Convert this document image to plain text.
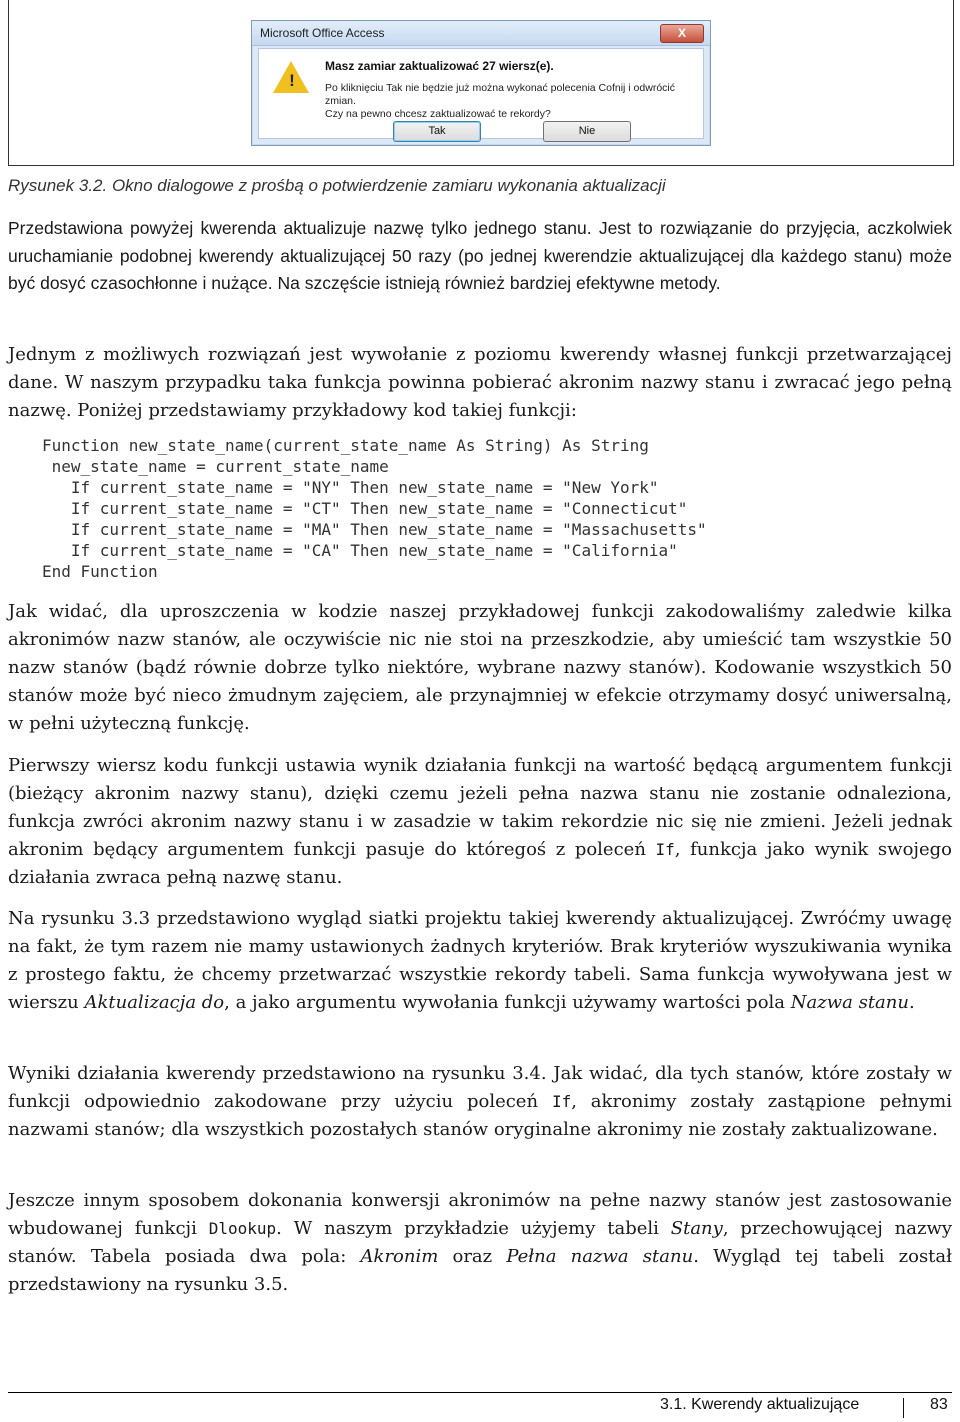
Microsoft Office Access	X
!
Masz zamiar zaktualizować 27 wiersz(e).
Po kliknięciu Tak nie będzie już można wykonać polecenia Cofnij i odwrócić zmian.
Czy na pewno chcesz zaktualizować te rekordy?
Tak	Nie
Rysunek 3.2. Okno dialogowe z prośbą o potwierdzenie zamiaru wykonania aktualizacji

Przedstawiona powyżej kwerenda aktualizuje nazwę tylko jednego stanu. Jest to rozwiązanie do przyjęcia, aczkolwiek uruchamianie podobnej kwerendy aktualizującej 50 razy (po jednej kwerendzie aktualizującej dla każdego stanu) może być dosyć czasochłonne i nużące. Na szczęście istnieją również bardziej efektywne metody.

Jednym z możliwych rozwiązań jest wywołanie z poziomu kwerendy własnej funkcji przetwarzającej dane. W naszym przypadku taka funkcja powinna pobierać akronim nazwy stanu i zwracać jego pełną nazwę. Poniżej przedstawiamy przykładowy kod takiej funkcji:

Function new_state_name(current_state_name As String) As String
new_state_name = current_state_name
If current_state_name = "NY" Then new_state_name = "New York"
If current_state_name = "CT" Then new_state_name = "Connecticut"
If current_state_name = "MA" Then new_state_name = "Massachusetts"
If current_state_name = "CA" Then new_state_name = "California"
End Function

Jak widać, dla uproszczenia w kodzie naszej przykładowej funkcji zakodowaliśmy zaledwie kilka akronimów nazw stanów, ale oczywiście nic nie stoi na przeszkodzie, aby umieścić tam wszystkie 50 nazw stanów (bądź równie dobrze tylko niektóre, wybrane nazwy stanów). Kodowanie wszystkich 50 stanów może być nieco żmudnym zajęciem, ale przynajmniej w efekcie otrzymamy dosyć uniwersalną, w pełni użyteczną funkcję.

Pierwszy wiersz kodu funkcji ustawia wynik działania funkcji na wartość będącą argumentem funkcji (bieżący akronim nazwy stanu), dzięki czemu jeżeli pełna nazwa stanu nie zostanie odnaleziona, funkcja zwróci akronim nazwy stanu i w zasadzie w takim rekordzie nic się nie zmieni. Jeżeli jednak akronim będący argumentem funkcji pasuje do któregoś z poleceń If, funkcja jako wynik swojego działania zwraca pełną nazwę stanu.

Na rysunku 3.3 przedstawiono wygląd siatki projektu takiej kwerendy aktualizującej. Zwróćmy uwagę na fakt, że tym razem nie mamy ustawionych żadnych kryteriów. Brak kryteriów wyszukiwania wynika z prostego faktu, że chcemy przetwarzać wszystkie rekordy tabeli. Sama funkcja wywoływana jest w wierszu Aktualizacja do, a jako argumentu wywołania funkcji używamy wartości pola Nazwa stanu.

Wyniki działania kwerendy przedstawiono na rysunku 3.4. Jak widać, dla tych stanów, które zostały w funkcji odpowiednio zakodowane przy użyciu poleceń If, akronimy zostały zastąpione pełnymi nazwami stanów; dla wszystkich pozostałych stanów oryginalne akronimy nie zostały zaktualizowane.

Jeszcze innym sposobem dokonania konwersji akronimów na pełne nazwy stanów jest zastosowanie wbudowanej funkcji Dlookup. W naszym przykładzie użyjemy tabeli Stany, przechowującej nazwy stanów. Tabela posiada dwa pola: Akronim oraz Pełna nazwa stanu. Wygląd tej tabeli został przedstawiony na rysunku 3.5.

3.1. Kwerendy aktualizujące	83
